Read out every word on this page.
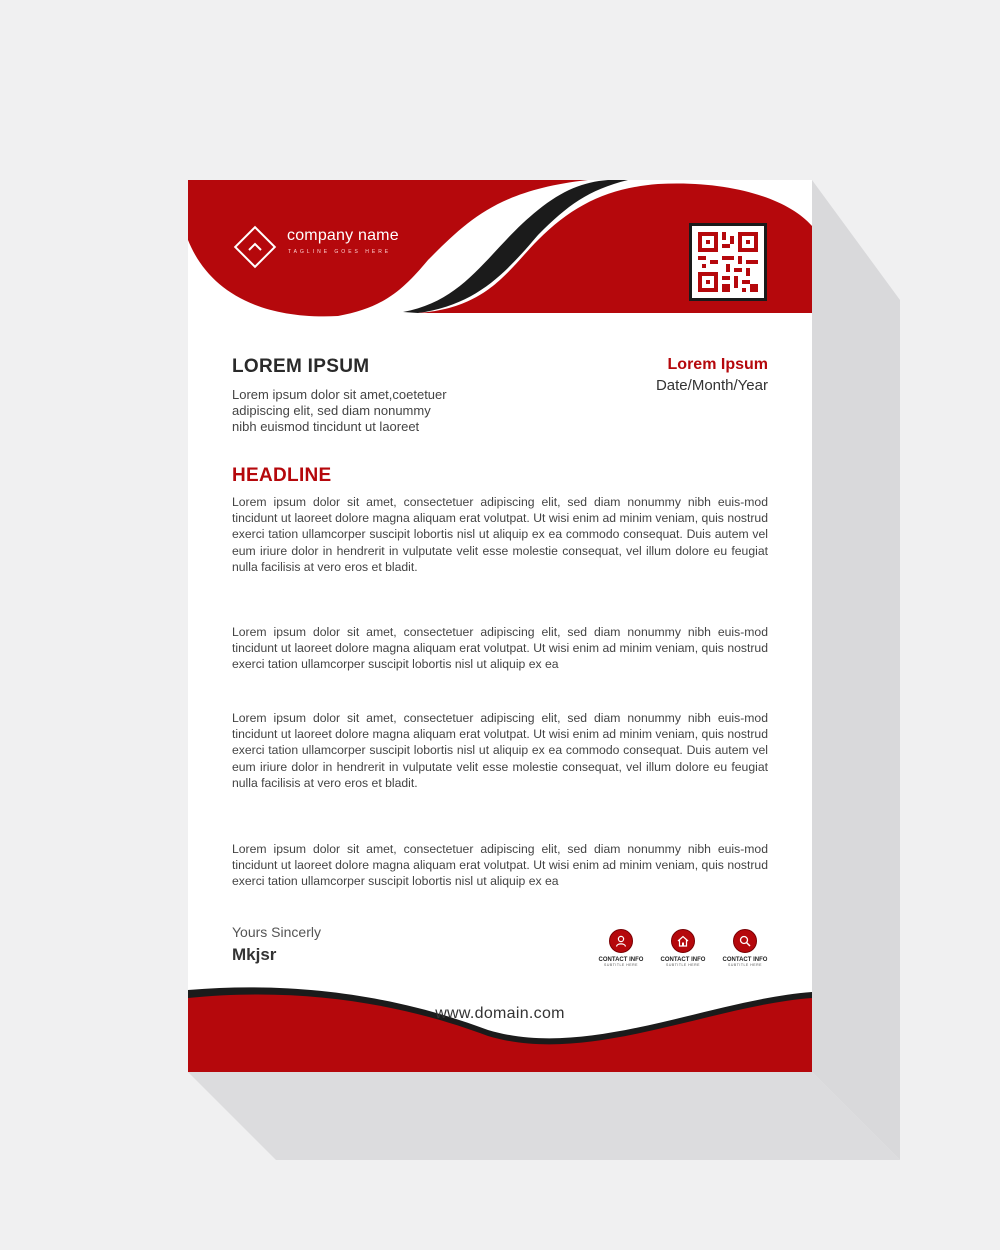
company name
TAGLINE GOES HERE
LOREM IPSUM
Lorem ipsum dolor sit amet,coetetuer
adipiscing elit, sed diam nonummy
nibh euismod tincidunt ut laoreet
Lorem Ipsum
Date/Month/Year
HEADLINE
Lorem ipsum dolor sit amet, consectetuer adipiscing elit, sed diam nonummy nibh euis-mod tincidunt ut laoreet dolore magna aliquam erat volutpat. Ut wisi enim ad minim veniam, quis nostrud exerci tation ullamcorper suscipit lobortis nisl ut aliquip ex ea commodo consequat. Duis autem vel eum iriure dolor in hendrerit in vulputate velit esse molestie consequat, vel illum dolore eu feugiat nulla facilisis at vero eros et bladit.
Lorem ipsum dolor sit amet, consectetuer adipiscing elit, sed diam nonummy nibh euis-mod tincidunt ut laoreet dolore magna aliquam erat volutpat. Ut wisi enim ad minim veniam, quis nostrud exerci tation ullamcorper suscipit lobortis nisl ut aliquip ex ea
Lorem ipsum dolor sit amet, consectetuer adipiscing elit, sed diam nonummy nibh euis-mod tincidunt ut laoreet dolore magna aliquam erat volutpat. Ut wisi enim ad minim veniam, quis nostrud exerci tation ullamcorper suscipit lobortis nisl ut aliquip ex ea commodo consequat. Duis autem vel eum iriure dolor in hendrerit in vulputate velit esse molestie consequat, vel illum dolore eu feugiat nulla facilisis at vero eros et bladit.
Lorem ipsum dolor sit amet, consectetuer adipiscing elit, sed diam nonummy nibh euis-mod tincidunt ut laoreet dolore magna aliquam erat volutpat. Ut wisi enim ad minim veniam, quis nostrud exerci tation ullamcorper suscipit lobortis nisl ut aliquip ex ea
Yours Sincerly
Mkjsr	CONTACT INFO
SUBTITLE HERE
CONTACT INFO
SUBTITLE HERE
CONTACT INFO
SUBTITLE HERE
www.domain.com
